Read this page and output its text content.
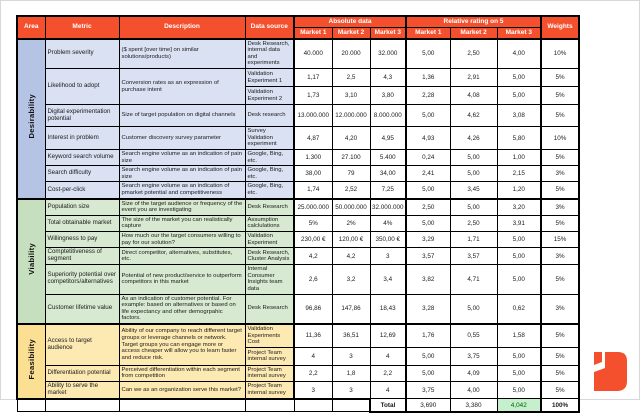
Area	Metric	Description	Data source	Absolute data			Relative rating on 5			Weights
				Market 1	Market 2	Market 3	Market 1	Market 2	Market 3	
Desirability	Problem severity	($ spent [over time] on similar solutions/products)	Desk Research, internal data and experiments	40.000	20.000	32.000	5,00	2,50	4,00	10%
	Likelihood to adopt	Conversion rates as an expression of purchase intent	Validation Experiment 1	1,17	2,5	4,3	1,36	2,91	5,00	5%
			Validation Experiment 2	1,73	3,10	3,80	2,28	4,08	5,00	5%
	Digital experimentation potential	Size of target population on digital channels	Desk research	13.000.000	12.000.000	8.000.000	5,00	4,62	3,08	5%
	Interest in problem	Customer discovery survey parameter	Survey Validation experiment	4,87	4,20	4,95	4,93	4,26	5,80	10%
	Keyword search volume	Search engine volume as an indication of pain size	Google, Bing, etc.	1.300	27.100	5.400	0,24	5,00	1,00	5%
	Search difficulty	Search engine volume as an indication of pain size	Google, Bing, etc.	38,00	79	34,00	2,41	5,00	2,15	3%
	Cost-per-click	Search engine volume as an indication of pmarket potential and competitiveness	Google, Bing, etc.	1,74	2,52	7,25	5,00	3,45	1,20	5%
Viability	Population size	Size of the target audience or frequency of the event you are investigating	Desk Research	25.000.000	50.000.000	32.000.000	2,50	5,00	3,20	3%
	Total obtainable market	The size of the market you can realistically capture	Assumption calclulations	5%	2%	4%	5,00	2,50	3,91	5%
	Willingness to pay	How much our the target consumers willing to pay for our solution?	Validation Experiment	230,00 €	120,00 €	350,00 €	3,29	1,71	5,00	15%
	Comptetitiveness of segment	Direct competitor, alternatives, substitutes, etc.	Desk Research, Cluster Analysis	4,2	4,2	3	3,57	3,57	5,00	3%
	Superiority potential over competitors/alternatives	Potential of new product/service to outperform competitors in this market	Internal Consumer Insights team data	2,6	3,2	3,4	3,82	4,71	5,00	5%
	Customer lifetime value	As an indication of customer potential. For example: based on alternatives or based on life expectancy and other demogrpahic factors.	Desk Research	96,86	147,86	18,43	3,28	5,00	0,62	3%
Feasibility	Access to target audience	Ability of our company to reach different target groups or leverage channels or network. Target groups you can engage more or access cheaper will allow you to learn faster and reduce risk.	Validation Experiments Cost	11,36	36,51	12,69	1,76	0,55	1,58	5%
			Project Team internal survey	4	3	4	5,00	3,75	5,00	5%
	Differentiation potential	Perceived differentiation within each segment from competition	Project Team internal survey	2,2	1,8	2,2	5,00	4,09	5,00	5%
	Ability to serve the market	Can we as an organization serve this market?	Project Team internal survey	3	3	4	3,75	4,00	5,00	5%
						Total	3,690	3,380	4,042	100%
